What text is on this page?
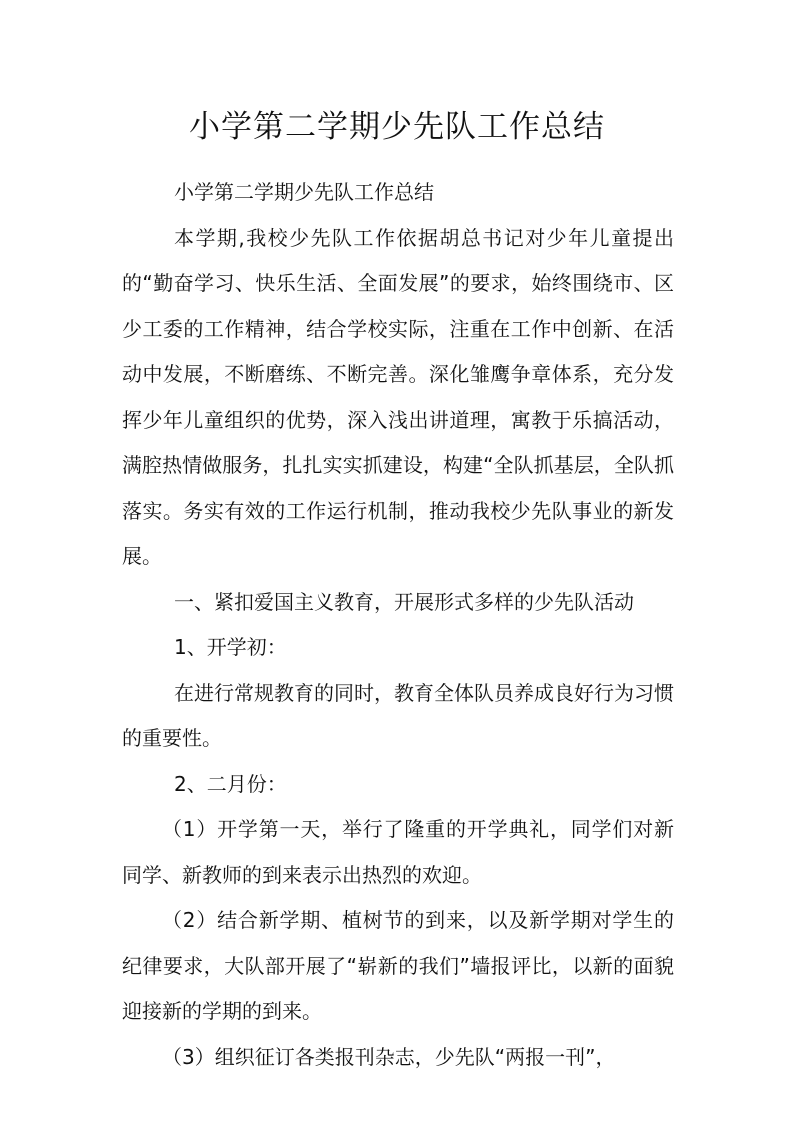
小学第二学期少先队工作总结

小学第二学期少先队工作总结

本学期,我校少先队工作依据胡总书记对少年儿童提出的“勤奋学习、快乐生活、全面发展”的要求，始终围绕市、区少工委的工作精神，结合学校实际，注重在工作中创新、在活动中发展，不断磨练、不断完善。深化雏鹰争章体系，充分发挥少年儿童组织的优势，深入浅出讲道理，寓教于乐搞活动，满腔热情做服务，扎扎实实抓建设，构建“全队抓基层，全队抓落实。务实有效的工作运行机制，推动我校少先队事业的新发展。

一、紧扣爱国主义教育，开展形式多样的少先队活动

1、开学初：

在进行常规教育的同时，教育全体队员养成良好行为习惯的重要性。

2、二月份：

（1）开学第一天，举行了隆重的开学典礼，同学们对新同学、新教师的到来表示出热烈的欢迎。

（2）结合新学期、植树节的到来，以及新学期对学生的纪律要求，大队部开展了“崭新的我们”墙报评比，以新的面貌迎接新的学期的到来。

（3）组织征订各类报刊杂志，少先队“两报一刊”，
